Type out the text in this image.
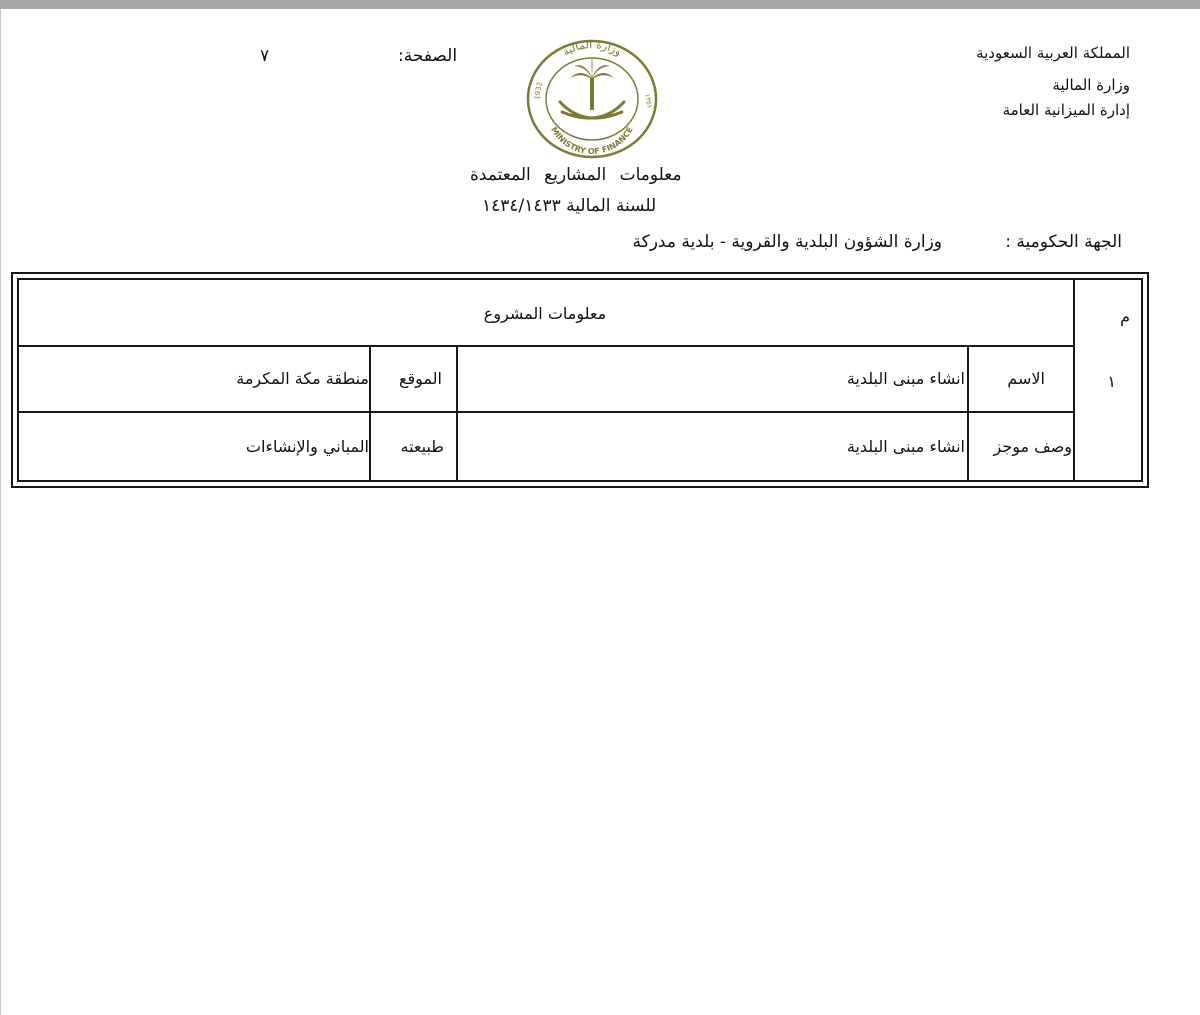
المملكة العربية السعودية
وزارة المالية
إدارة الميزانية العامة
الصفحة:
٧	وزارة المالية
MINISTRY OF FINANCE
1932
١٣٥١
معلومات المشاريع المعتمدة
للسنة المالية ١٤٣٤/١٤٣٣
الجهة الحكومية :
وزارة الشؤون البلدية والقروية - بلدية مدركة
م
معلومات المشروع
١
الاسم
انشاء مبنى البلدية
الموقع
منطقة مكة المكرمة
وصف موجز
انشاء مبنى البلدية
طبيعته
المباني والإنشاءات
